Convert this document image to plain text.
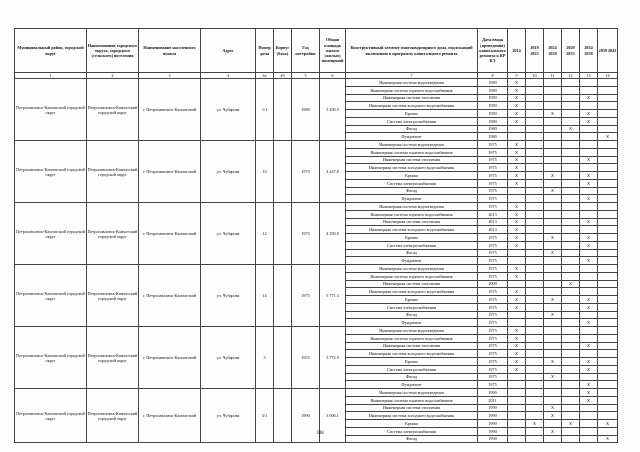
Муниципальный район, городской округ	Наименование городского округа, городского (сельского) поселения	Наименование населенного пункта	Адрес	Номер дома	Корпус (блок)	Год постройки	Общая площадь жилого (жилых) помещений	Конструктивный элемент многоквартирного дома, подлежащий включению в программу капитального ремонта	Дата ввода (проведения) капитального ремонта к КР КЭ	2014	2019 2023	2024 2028	2029 2033	2034 2038	2039 2043
1	2	3	4	4а	4б	5	6	7	8	9	10	11	12	13	14
Петропавловск-Камчатский городской округ	Петропавловск-Камчатский городской округ	г. Петропавловск-Камчатский	ул. Чубарова	1/1		1980	5 490.5	Инженерная система водоотведения	1980	X					
								Инженерная система горячего водоснабжения	1980	X					
								Инженерная система отопления	1980	X				X	
								Инженерная система холодного водоснабжения	1980	X					
								Крыша	1980	X		X		X	
								Система электроснабжения	1980	X				X	
								Фасад	1980				X		
								Фундамент	1980						X
Петропавловск-Камчатский городской округ	Петропавловск-Камчатский городской округ	г. Петропавловск-Камчатский	ул. Чубарова	10		1975	4 447.8	Инженерная система водоотведения	1975	X					
								Инженерная система горячего водоснабжения	1975	X					
								Инженерная система отопления	1975	X				X	
								Инженерная система холодного водоснабжения	1975	X					
								Крыша	1975	X		X		X	
								Система электроснабжения	1975	X				X	
								Фасад	1975			X			
								Фундамент	1975					X	
Петропавловск-Камчатский городской округ	Петропавловск-Камчатский городской округ	г. Петропавловск-Камчатский	ул. Чубарова	12		1975	4 359.9	Инженерная система водоотведения	1975	X					
								Инженерная система горячего водоснабжения	2013	X					
								Инженерная система отопления	2013	X				X	
								Инженерная система холодного водоснабжения	2013	X					
								Крыша	1975	X		X		X	
								Система электроснабжения	1975	X				X	
								Фасад	1975			X			
								Фундамент	1975					X	
Петропавловск-Камчатский городской округ	Петропавловск-Камчатский городской округ	г. Петропавловск-Камчатский	ул. Чубарова	14		1975	5 771.3	Инженерная система водоотведения	1975	X					
								Инженерная система горячего водоснабжения	1975	X					
								Инженерная система отопления	2009				X		
								Инженерная система холодного водоснабжения	1975	X					
								Крыша	1975	X		X		X	
								Система электроснабжения	1975	X				X	
								Фасад	1975			X			
								Фундамент	1975					X	
Петропавловск-Камчатский городской округ	Петропавловск-Камчатский городской округ	г. Петропавловск-Камчатский	ул. Чубарова	3		1955	5 772.9	Инженерная система водоотведения	1975	X					
								Инженерная система горячего водоснабжения	1975	X					
								Инженерная система отопления	1975	X				X	
								Инженерная система холодного водоснабжения	1975	X					
								Крыша	1975	X		X		X	
								Система электроснабжения	1975	X				X	
								Фасад	1975			X			
								Фундамент	1975					X	
Петропавловск-Камчатский городской округ	Петропавловск-Камчатский городской округ	г. Петропавловск-Камчатский	ул. Чубарова	3/1		1990	3 006.1	Инженерная система водоотведения	1990					X	
								Инженерная система горячего водоснабжения	2011					X	
								Инженерная система отопления	1990			X			
								Инженерная система холодного водоснабжения	1990			X			
								Крыша	1990		X		X		X
								Система электроснабжения	1990			X			
								Фасад	1990						X
388
